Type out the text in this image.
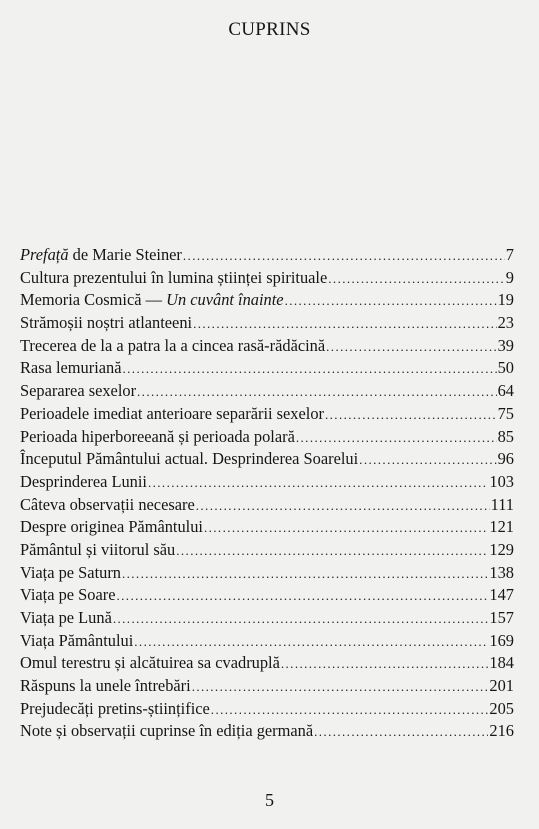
CUPRINS
Prefață de Marie Steiner .....	7
Cultura prezentului în lumina științei spirituale .....	9
Memoria Cosmică — Un cuvânt înainte .....	19
Strămoșii noștri atlanteeni .....	23
Trecerea de la a patra la a cincea rasă-rădăcină .....	39
Rasa lemuriană .....	50
Separarea sexelor .....	64
Perioadele imediat anterioare separării sexelor .....	75
Perioada hiperboreeană și perioada polară .....	85
Începutul Pământului actual. Desprinderea Soarelui .....	96
Desprinderea Lunii .....	103
Câteva observații necesare .....	111
Despre originea Pământului .....	121
Pământul și viitorul său .....	129
Viața pe Saturn .....	138
Viața pe Soare .....	147
Viața pe Lună .....	157
Viața Pământului .....	169
Omul terestru și alcătuirea sa cvadruplă .....	184
Răspuns la unele întrebări .....	201
Prejudecăți pretins-științifice .....	205
Note și observații cuprinse în ediția germană .....	216
5
